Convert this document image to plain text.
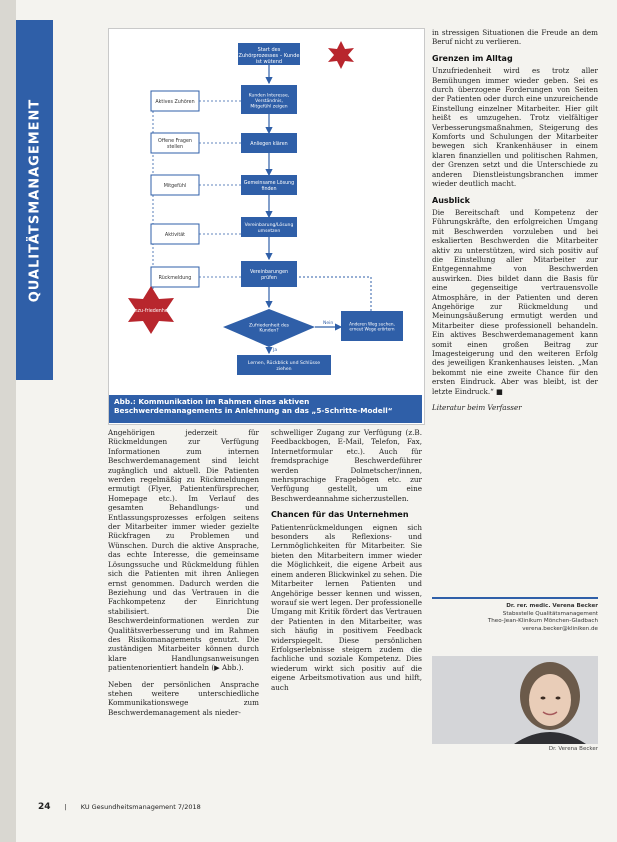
QUALITÄTSMANAGEMENT
Start des Zuhörprozesses – Kunde ist wütend
Kunden Interesse, Verständnis, Mitgefühl zeigen
Anliegen klären
Gemeinsame Lösung finden
Vereinbarung/Lösung umsetzen
Vereinbarungen prüfen
Zufriedenheit des Kunden?
Nein
Ja
Anderen Weg suchen, erneut Wege erörtern
Lernen, Rückblick und Schlüsse ziehen
Aktives Zuhören
Offene Fragen stellen
Mitgefühl
Aktivität
Rückmeldung
Unzu-friedenheit
Abb.: Kommunikation im Rahmen eines aktiven Beschwerdemanagements in Anlehnung an das „5-Schritte-Modell“

Angehörigen jederzeit für Rückmeldungen zur Verfügung Informationen zum internen Beschwerdemanagement sind leicht zugänglich und aktuell. Die Patienten werden regelmäßig zu Rückmeldungen ermutigt (Flyer, Patientenfürsprecher, Homepage etc.). Im Verlauf des gesamten Behandlungs- und Entlassungsprozesses erfolgen seitens der Mitarbeiter immer wieder gezielte Rückfragen zu Problemen und Wünschen. Durch die aktive Ansprache, das echte Interesse, die gemeinsame Lösungssuche und Rückmeldung fühlen sich die Patienten mit ihren Anliegen ernst genommen. Dadurch werden die Beziehung und das Vertrauen in die Fachkompetenz der Einrichtung stabilisiert. Die Beschwerdeinformationen werden zur Qualitätsverbesserung und im Rahmen des Risikomanagements genutzt. Die zuständigen Mitarbeiter können durch klare Handlungsanweisungen patientenorientiert handeln (▶ Abb.).

Neben der persönlichen Ansprache stehen weitere unterschiedliche Kommunikationswege zum Beschwerdemanagement als nieder-

schwelliger Zugang zur Verfügung (z.B. Feedbackbogen, E-Mail, Telefon, Fax, Internetformular etc.). Auch für fremdsprachige Beschwerdeführer werden Dolmetscher/innen, mehrsprachige Fragebögen etc. zur Verfügung gestellt, um eine Beschwerdeannahme sicherzustellen.

Chancen für das Unternehmen

Patientenrückmeldungen eignen sich besonders als Reflexions- und Lernmöglichkeiten für Mitarbeiter. Sie bieten den Mitarbeitern immer wieder die Möglichkeit, die eigene Arbeit aus einem anderen Blickwinkel zu sehen. Die Mitarbeiter lernen Patienten und Angehörige besser kennen und wissen, worauf sie wert legen. Der professionelle Umgang mit Kritik fördert das Vertrauen der Patienten in den Mitarbeiter, was sich häufig in positivem Feedback widerspiegelt. Diese persönlichen Erfolgserlebnisse steigern zudem die fachliche und soziale Kompetenz. Dies wiederum wirkt sich positiv auf die eigene Arbeitsmotivation aus und hilft, auch

in stressigen Situationen die Freude an dem Beruf nicht zu verlieren.

Grenzen im Alltag

Unzufriedenheit wird es trotz aller Bemühungen immer wieder geben. Sei es durch überzogene Forderungen von Seiten der Patienten oder durch eine unzureichende Einstellung einzelner Mitarbeiter. Hier gilt heißt es umzugehen. Trotz vielfältiger Verbesserungsmaßnahmen, Steigerung des Komforts und Schulungen der Mitarbeiter bewegen sich Krankenhäuser in einem klaren finanziellen und politischen Rahmen, der Grenzen setzt und die Unterschiede zu anderen Dienstleistungsbranchen immer wieder deutlich macht.

Ausblick

Die Bereitschaft und Kompetenz der Führungskräfte, den erfolgreichen Umgang mit Beschwerden vorzuleben und bei eskalierten Beschwerden die Mitarbeiter aktiv zu unterstützen, wird sich positiv auf die Einstellung aller Mitarbeiter zur Entgegennahme von Beschwerden auswirken. Dies bildet dann die Basis für eine gegenseitige vertrauensvolle Atmosphäre, in der Patienten und deren Angehörige zur Rückmeldung und Meinungsäußerung ermutigt werden und Mitarbeiter diese professionell behandeln. Ein aktives Beschwerdemanagement kann somit einen großen Beitrag zur Imagesteigerung und den weiteren Erfolg des jeweiligen Krankenhauses leisten. „Man bekommt nie eine zweite Chance für den ersten Eindruck. Aber was bleibt, ist der letzte Eindruck.“ ■

Literatur beim Verfasser

Dr. rer. medic. Verena Becker
Stabsstelle Qualitätsmanagement
Theo-Jean-Klinikum Mönchen-Gladbach
verena.becker@kliniken.de
Dr. Verena Becker
24 | KU Gesundheitsmanagement 7/2018
